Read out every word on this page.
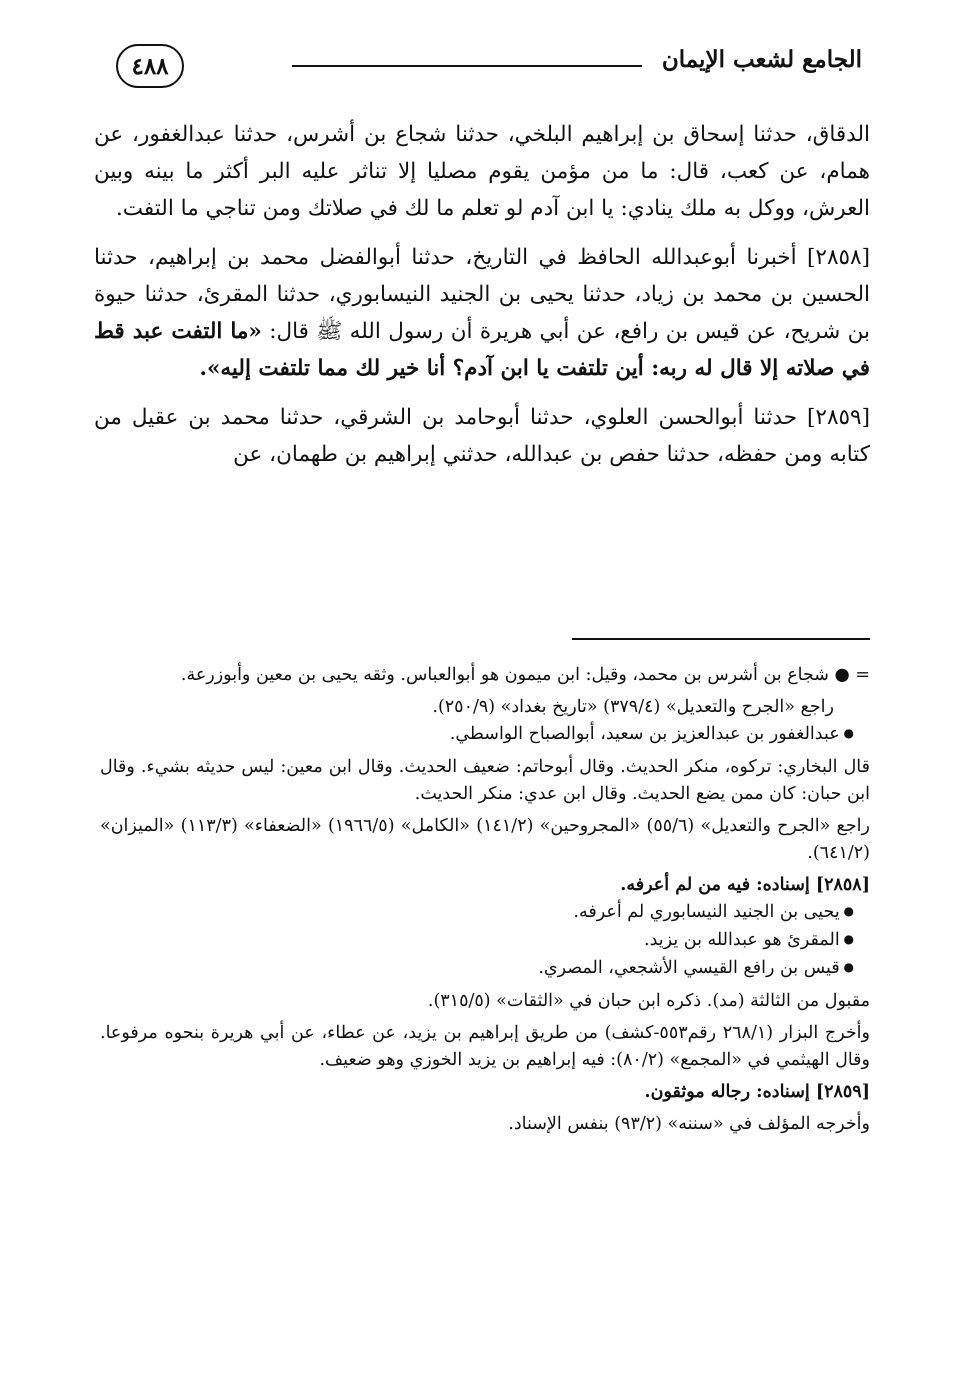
الجامع لشعب الإيمان
٤٨٨

الدقاق، حدثنا إسحاق بن إبراهيم البلخي، حدثنا شجاع بن أشرس، حدثنا عبدالغفور، عن همام، عن كعب، قال: ما من مؤمن يقوم مصليا إلا تناثر عليه البر أكثر ما بينه وبين العرش، ووكل به ملك ينادي: يا ابن آدم لو تعلم ما لك في صلاتك ومن تناجي ما التفت.

[٢٨٥٨] أخبرنا أبوعبدالله الحافظ في التاريخ، حدثنا أبوالفضل محمد بن إبراهيم، حدثنا الحسين بن محمد بن زياد، حدثنا يحيى بن الجنيد النيسابوري، حدثنا المقرئ، حدثنا حيوة بن شريح، عن قيس بن رافع، عن أبي هريرة أن رسول الله ﷺ قال: «ما التفت عبد قط في صلاته إلا قال له ربه: أين تلتفت يا ابن آدم؟ أنا خير لك مما تلتفت إليه».

[٢٨٥٩] حدثنا أبوالحسن العلوي، حدثنا أبوحامد بن الشرقي، حدثنا محمد بن عقيل من كتابه ومن حفظه، حدثنا حفص بن عبدالله، حدثني إبراهيم بن طهمان، عن

= ● شجاع بن أشرس بن محمد، وقيل: ابن ميمون هو أبوالعباس. وثقه يحيى بن معين وأبوزرعة.

راجع «الجرح والتعديل» (٣٧٩/٤) «تاريخ بغداد» (٢٥٠/٩).

● عبدالغفور بن عبدالعزيز بن سعيد، أبوالصباح الواسطي.

قال البخاري: تركوه، منكر الحديث. وقال أبوحاتم: ضعيف الحديث. وقال ابن معين: ليس حديثه بشيء. وقال ابن حبان: كان ممن يضع الحديث. وقال ابن عدي: منكر الحديث.

راجع «الجرح والتعديل» (٥٥/٦) «المجروحين» (١٤١/٢) «الكامل» (١٩٦٦/٥) «الضعفاء» (١١٣/٣) «الميزان» (٦٤١/٢).

[٢٨٥٨] إسناده: فيه من لم أعرفه.

● يحيى بن الجنيد النيسابوري لم أعرفه.

● المقرئ هو عبدالله بن يزيد.

● قيس بن رافع القيسي الأشجعي، المصري.

مقبول من الثالثة (مد). ذكره ابن حبان في «الثقات» (٣١٥/٥).

وأخرج البزار (٢٦٨/١ رقم٥٥٣-كشف) من طريق إبراهيم بن يزيد، عن عطاء، عن أبي هريرة بنحوه مرفوعا. وقال الهيثمي في «المجمع» (٨٠/٢): فيه إبراهيم بن يزيد الخوزي وهو ضعيف.

[٢٨٥٩] إسناده: رجاله موثقون.

وأخرجه المؤلف في «سننه» (٩٣/٢) بنفس الإسناد.
